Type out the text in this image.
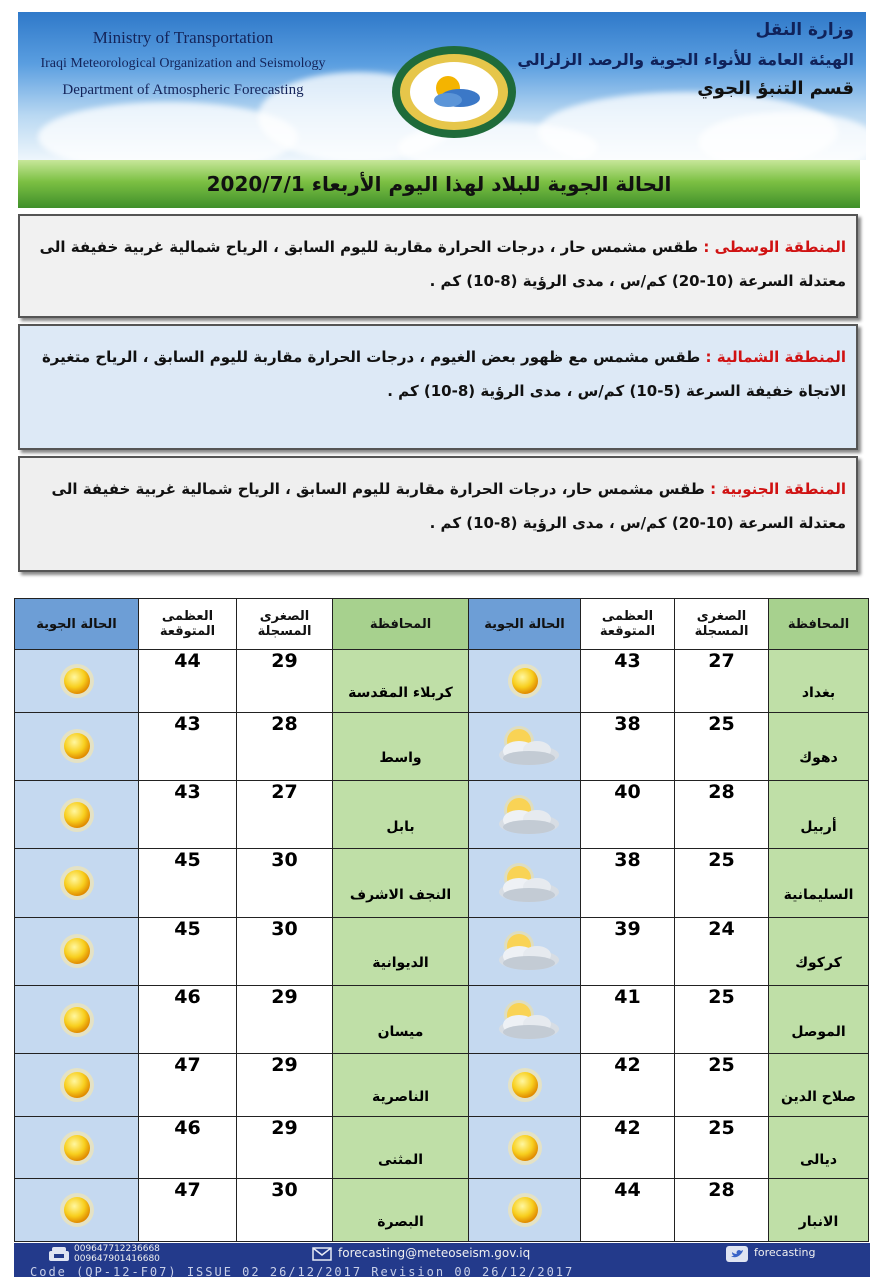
Ministry of Transportation
Iraqi Meteorological Organization and Seismology
Department of Atmospheric Forecasting
وزارة النقل
الهيئة العامة للأنواء الجوية والرصد الزلزالي
قسم التنبؤ الجوي
الحالة الجوية للبلاد لهذا اليوم الأربعاء 2020/7/1
المنطقة الوسطى : طقس مشمس حار ، درجات الحرارة مقاربة لليوم السابق ، الرياح شمالية غربية خفيفة الى معتدلة السرعة (10-20) كم/س ، مدى الرؤية (8-10) كم .
المنطقة الشمالية : طقس مشمس مع ظهور بعض الغيوم ، درجات الحرارة مقاربة لليوم السابق ، الرياح متغيرة الاتجاة خفيفة السرعة (5-10) كم/س ، مدى الرؤية (8-10) كم .
المنطقة الجنوبية : طقس مشمس حار، درجات الحرارة مقاربة لليوم السابق ، الرياح شمالية غربية خفيفة الى معتدلة السرعة (10-20) كم/س ، مدى الرؤية (8-10) كم .
الحالة الجوية	العظمى المتوقعة	الصغرى المسجلة	المحافظة	الحالة الجوية	العظمى المتوقعة	الصغرى المسجلة	المحافظة

	44	29	كربلاء المقدسة		43	27	بغداد

	43	28	واسط		38	25	دهوك

	43	27	بابل		40	28	أربيل

	45	30	النجف الاشرف		38	25	السليمانية

	45	30	الديوانية		39	24	كركوك

	46	29	ميسان		41	25	الموصل

	47	29	الناصرية		42	25	صلاح الدين

	46	29	المثنى		42	25	ديالى

	47	30	البصرة		44	28	الانبار
009647712236668
009647901416680	forecasting@meteoseism.gov.iq	forecasting
Code (QP-12-F07) ISSUE 02 26/12/2017 Revision 00 26/12/2017
